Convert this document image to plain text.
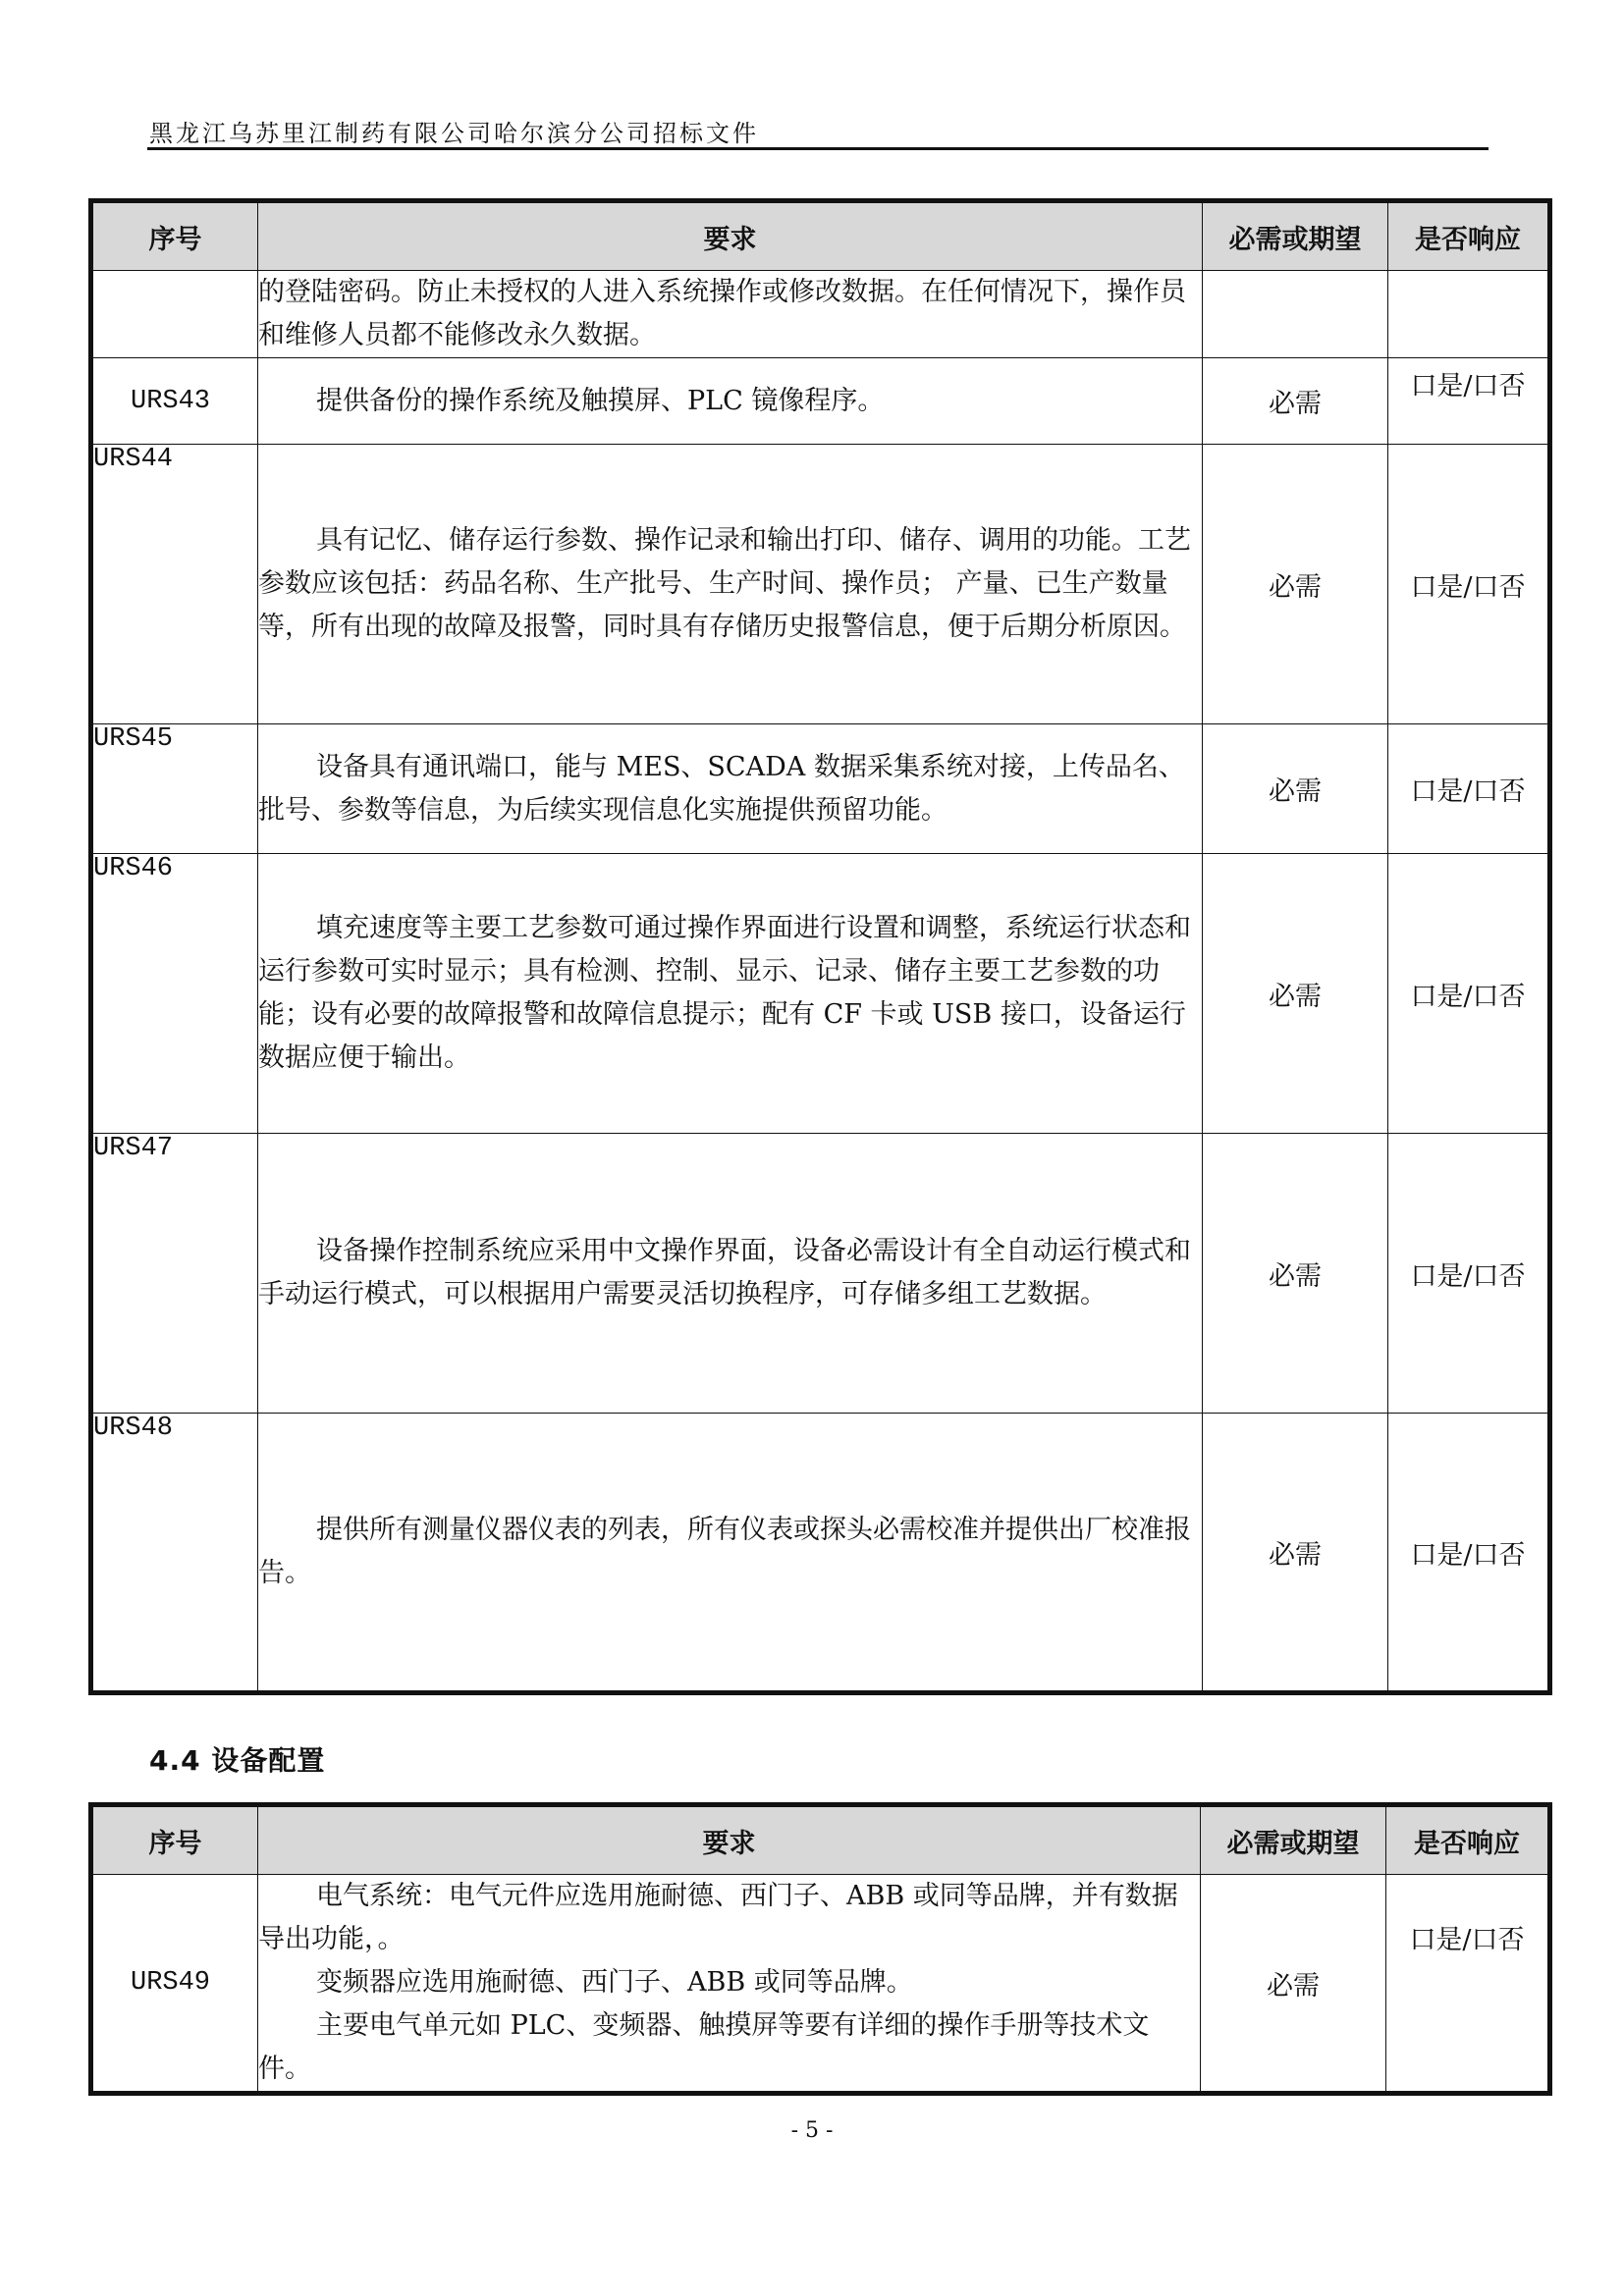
黑龙江乌苏里江制药有限公司哈尔滨分公司招标文件
序号	要求	必需或期望	是否响应

	的登陆密码。防止未授权的人进入系统操作或修改数据。在任何情况下，操作员和维修人员都不能修改永久数据。		

URS43	提供备份的操作系统及触摸屏、PLC 镜像程序。	必需	口是/口否
URS44	具有记忆、储存运行参数、操作记录和输出打印、储存、调用的功能。工艺参数应该包括：药品名称、生产批号、生产时间、操作员； 产量、已生产数量等，所有出现的故障及报警，同时具有存储历史报警信息，便于后期分析原因。	必需	口是/口否
URS45	设备具有通讯端口，能与 MES、SCADA 数据采集系统对接，上传品名、批号、参数等信息，为后续实现信息化实施提供预留功能。	必需	口是/口否
URS46	填充速度等主要工艺参数可通过操作界面进行设置和调整，系统运行状态和运行参数可实时显示；具有检测、控制、显示、记录、储存主要工艺参数的功能；设有必要的故障报警和故障信息提示；配有 CF 卡或 USB 接口，设备运行数据应便于输出。	必需	口是/口否
URS47	设备操作控制系统应采用中文操作界面，设备必需设计有全自动运行模式和手动运行模式，可以根据用户需要灵活切换程序，可存储多组工艺数据。	必需	口是/口否
URS48	提供所有测量仪器仪表的列表，所有仪表或探头必需校准并提供出厂校准报告。	必需	口是/口否
4.4 设备配置
序号	要求	必需或期望	是否响应
URS49	电气系统：电气元件应选用施耐德、西门子、ABB 或同等品牌，并有数据导出功能，。
变频器应选用施耐德、西门子、ABB 或同等品牌。
主要电气单元如 PLC、变频器、触摸屏等要有详细的操作手册等技术文件。	必需	口是/口否
- 5 -
